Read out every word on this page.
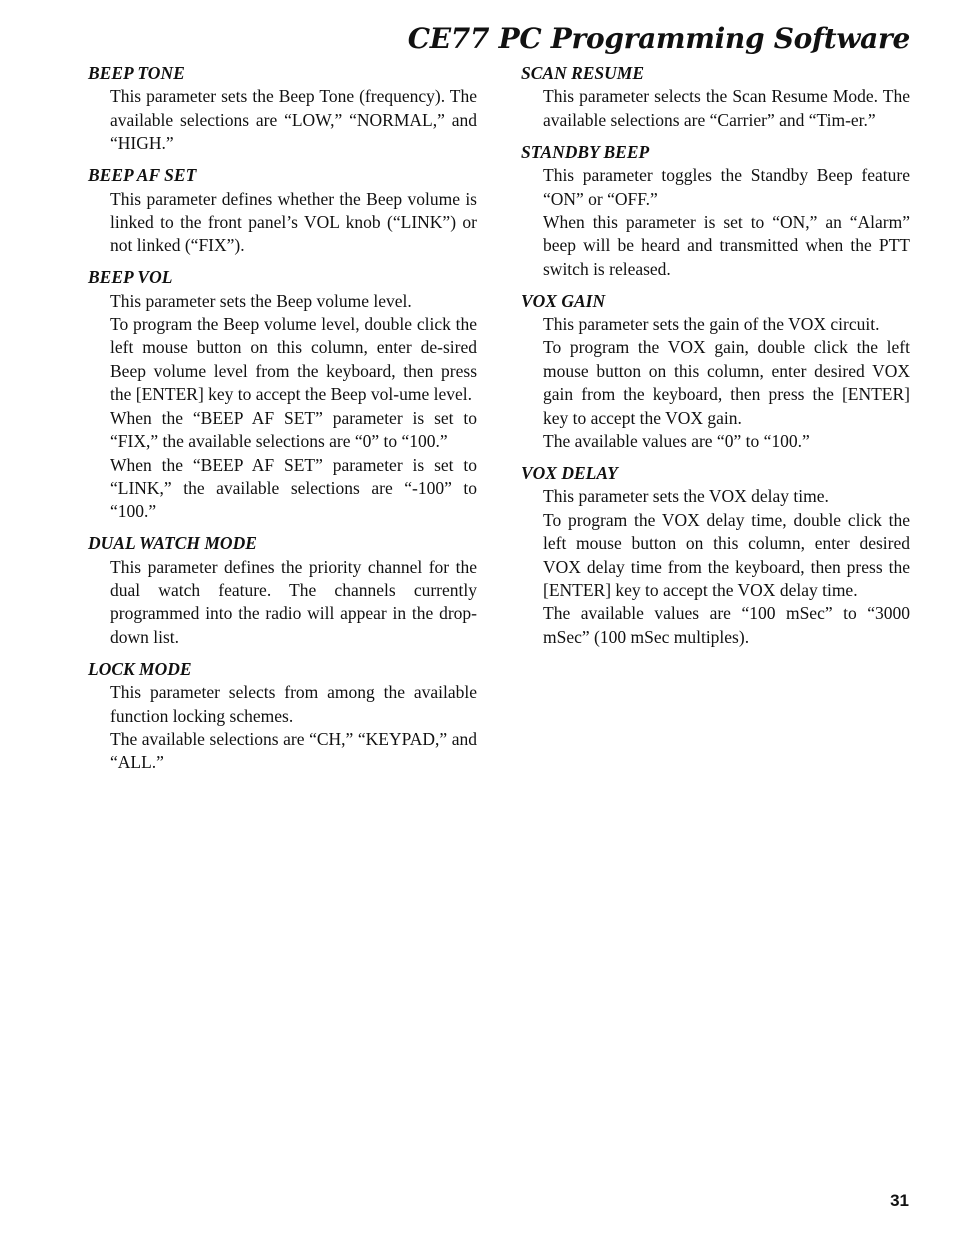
CE77 PC Programming Software

BEEP TONE

This parameter sets the Beep Tone (frequency). The available selections are “LOW,” “NORMAL,” and “HIGH.”

BEEP AF SET

This parameter defines whether the Beep volume is linked to the front panel’s VOL knob (“LINK”) or not linked (“FIX”).

BEEP VOL

This parameter sets the Beep volume level.

To program the Beep volume level, double click the left mouse button on this column, enter de-sired Beep volume level from the keyboard, then press the [ENTER] key to accept the Beep vol-ume level.

When the “BEEP AF SET” parameter is set to “FIX,” the available selections are “0” to “100.”

When the “BEEP AF SET” parameter is set to “LINK,” the available selections are “-100” to “100.”

DUAL WATCH MODE

This parameter defines the priority channel for the dual watch feature. The channels currently programmed into the radio will appear in the drop-down list.

LOCK MODE

This parameter selects from among the available function locking schemes.

The available selections are “CH,” “KEYPAD,” and “ALL.”

SCAN RESUME

This parameter selects the Scan Resume Mode. The available selections are “Carrier” and “Tim-er.”

STANDBY BEEP

This parameter toggles the Standby Beep feature “ON” or “OFF.”

When this parameter is set to “ON,” an “Alarm” beep will be heard and transmitted when the PTT switch is released.

VOX GAIN

This parameter sets the gain of the VOX circuit.

To program the VOX gain, double click the left mouse button on this column, enter desired VOX gain from the keyboard, then press the [ENTER] key to accept the VOX gain.

The available values are “0” to “100.”

VOX DELAY

This parameter sets the VOX delay time.

To program the VOX delay time, double click the left mouse button on this column, enter desired VOX delay time from the keyboard, then press the [ENTER] key to accept the VOX delay time.

The available values are “100 mSec” to “3000 mSec” (100 mSec multiples).

31
